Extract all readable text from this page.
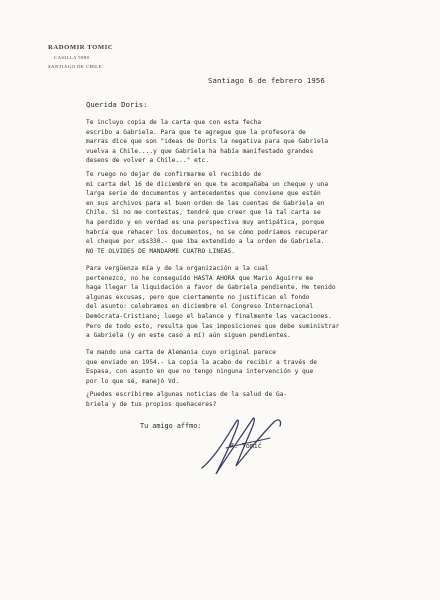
RADOMIR TOMIC
CASILLA 5980
SANTIAGO DE CHILE
Santiago 6 de febrero 1956
Querida Doris:
Te incluyo copia de la carta que con esta fecha
escribo a Gabriela. Para que te agregue que la profesora de
marras dice que son "ideas de Doris la negativa para que Gabriela
vuelva a Chile....y que Gabriela ha había manifestado grandes
deseos de volver a Chile..." etc.
Te ruego no dejar de confirmarme el recibido de
mi carta del 16 de diciembre en que te acompañaba un cheque y una
larga serie de documentos y antecedentes que conviene que estén
en sus archivos para el buen orden de las cuentas de Gabriela en
Chile. Si no me contestas, tendré que creer que la tal carta se
ha perdido y en verdad es una perspectiva muy antipática, porque
habría que rehacer los documentos, no se cómo podríamos recuperar
el cheque por u$s330.- que iba extendido a la orden de Gabriela.
NO TE OLVIDES DE MANDARME CUATRO LINEAS.
Para vergüenza mía y de la organización a la cual
pertenezco, no he conseguido HASTA AHORA que Mario Aguirre me
haga llegar la liquidación a favor de Gabriela pendiente. He tenido
algunas excusas, pero que ciertamente no justifican el fondo
del asunto: celebramos en diciembre el Congreso Internacional
Demócrata-Cristiano; luego el balance y finalmente las vacaciones.
Pero de todo esto, resulta que las imposiciones que debe suministrar
a Gabriela (y en este caso a mí) aún siguen pendientes.
Te mando una carta de Alemania cuyo original parece
que enviado en 1954.- La copia la acabo de recibir a través de
Espasa, con asunto en que no tengo ninguna intervención y que
por lo que sé, manejó Vd.
¿Puedes escribirme algunas noticias de la salud de Ga-
briela y de tus propios quehaceres?
Tu amigo affmo:
R. Tomić
